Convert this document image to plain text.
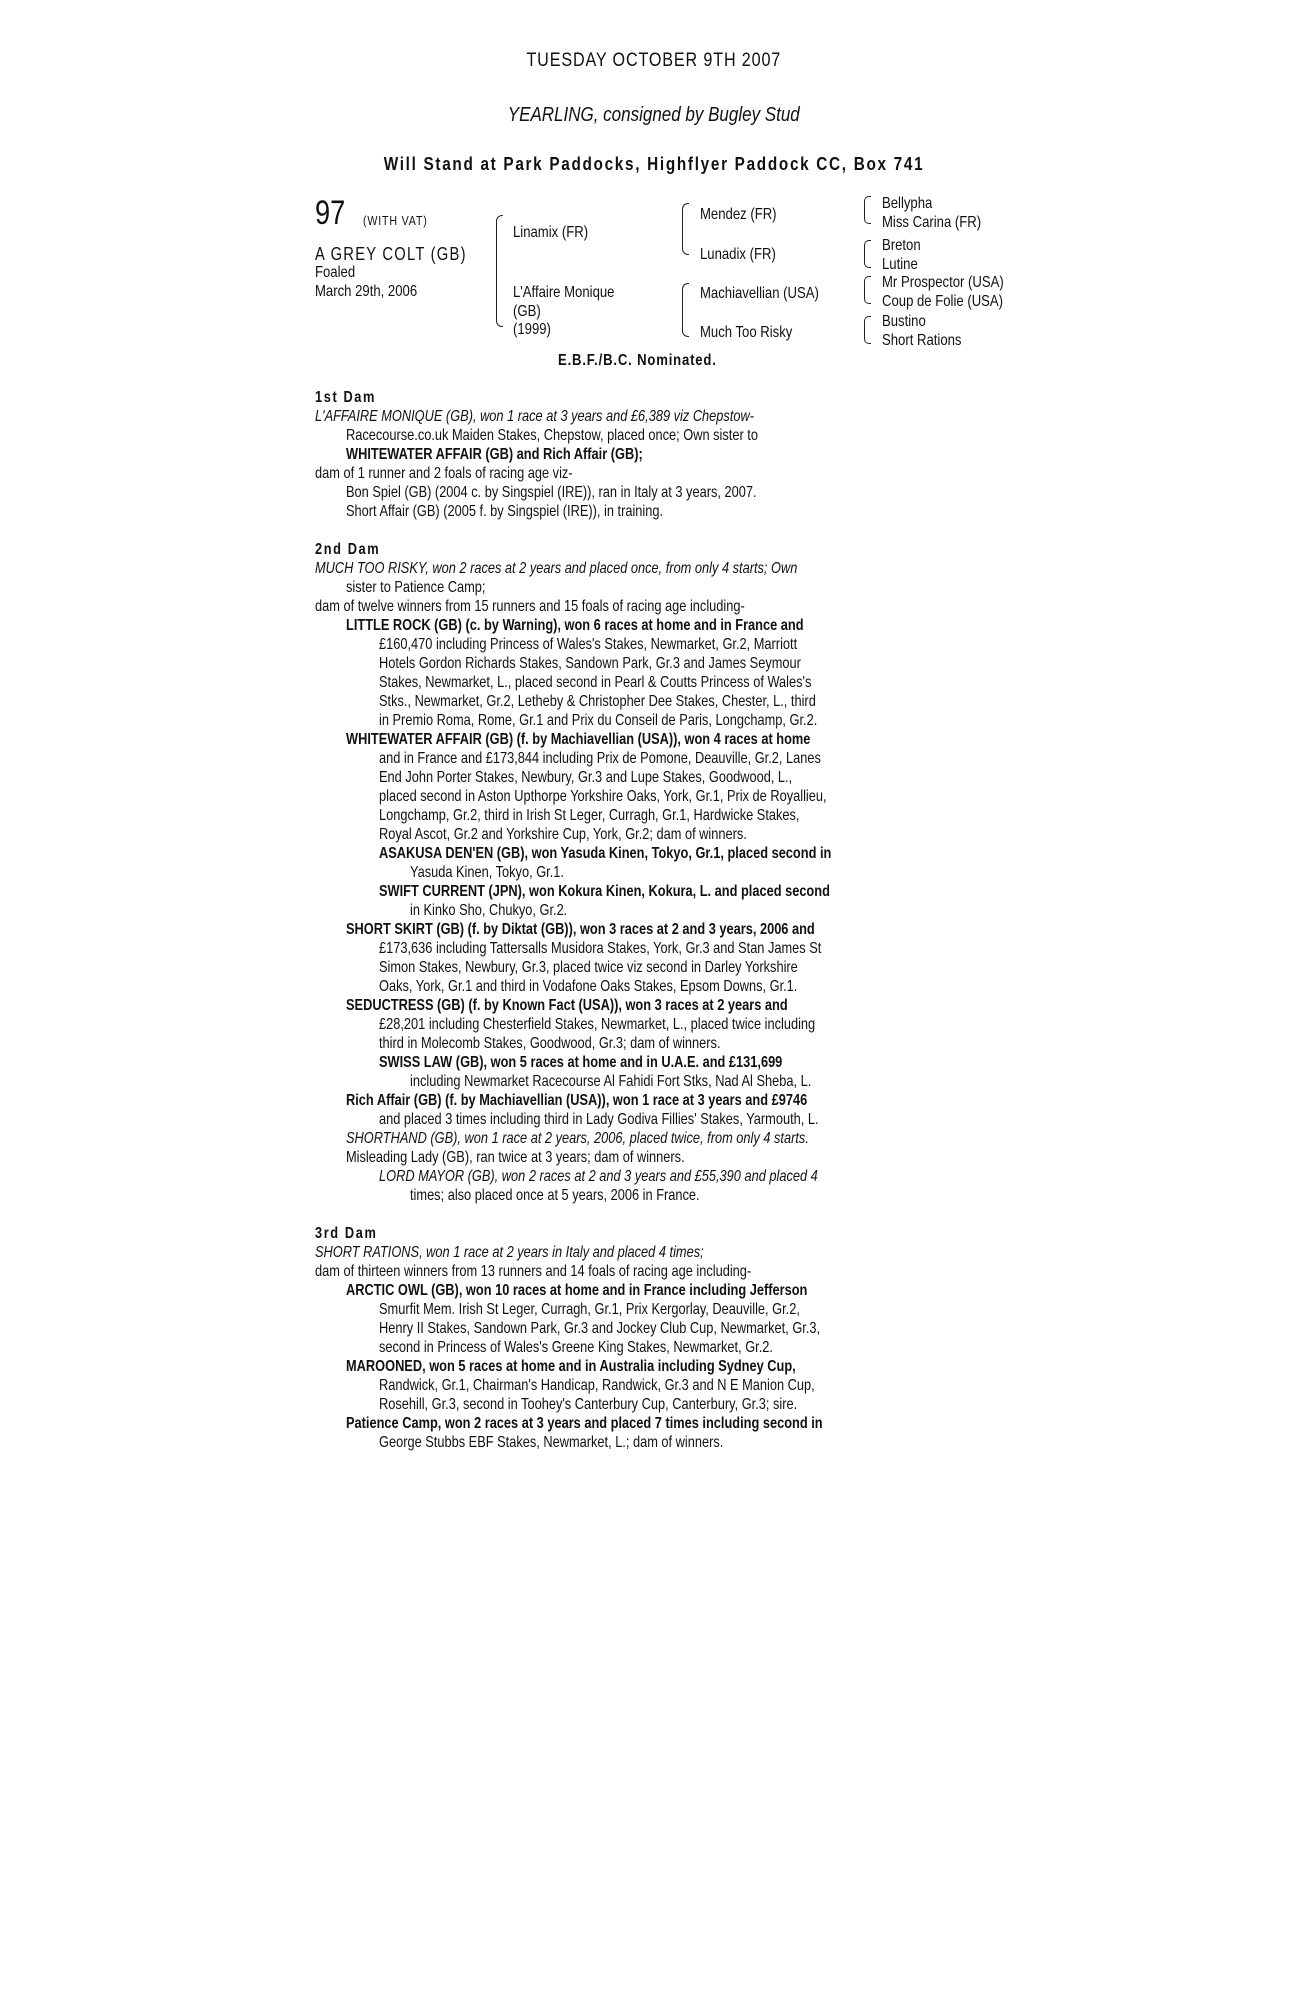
TUESDAY OCTOBER 9TH 2007
YEARLING, consigned by Bugley Stud
Will Stand at Park Paddocks, Highflyer Paddock CC, Box 741
97 (WITH VAT)
A GREY COLT (GB)
Foaled
March 29th, 2006
Linamix (FR)
L'Affaire Monique
(GB)
(1999)
Mendez (FR)
Lunadix (FR)
Machiavellian (USA)
Much Too Risky
Bellypha
Miss Carina (FR)
Breton
Lutine
Mr Prospector (USA)
Coup de Folie (USA)
Bustino
Short Rations
E.B.F./B.C. Nominated.
1st Dam
L'AFFAIRE MONIQUE (GB), won 1 race at 3 years and £6,389 viz Chepstow-
Racecourse.co.uk Maiden Stakes, Chepstow, placed once; Own sister to
WHITEWATER AFFAIR (GB) and Rich Affair (GB);
dam of 1 runner and 2 foals of racing age viz-
Bon Spiel (GB) (2004 c. by Singspiel (IRE)), ran in Italy at 3 years, 2007.
Short Affair (GB) (2005 f. by Singspiel (IRE)), in training.
2nd Dam
MUCH TOO RISKY, won 2 races at 2 years and placed once, from only 4 starts; Own
sister to Patience Camp;
dam of twelve winners from 15 runners and 15 foals of racing age including-
LITTLE ROCK (GB) (c. by Warning), won 6 races at home and in France and
£160,470 including Princess of Wales's Stakes, Newmarket, Gr.2, Marriott
Hotels Gordon Richards Stakes, Sandown Park, Gr.3 and James Seymour
Stakes, Newmarket, L., placed second in Pearl & Coutts Princess of Wales's
Stks., Newmarket, Gr.2, Letheby & Christopher Dee Stakes, Chester, L., third
in Premio Roma, Rome, Gr.1 and Prix du Conseil de Paris, Longchamp, Gr.2.
WHITEWATER AFFAIR (GB) (f. by Machiavellian (USA)), won 4 races at home
and in France and £173,844 including Prix de Pomone, Deauville, Gr.2, Lanes
End John Porter Stakes, Newbury, Gr.3 and Lupe Stakes, Goodwood, L.,
placed second in Aston Upthorpe Yorkshire Oaks, York, Gr.1, Prix de Royallieu,
Longchamp, Gr.2, third in Irish St Leger, Curragh, Gr.1, Hardwicke Stakes,
Royal Ascot, Gr.2 and Yorkshire Cup, York, Gr.2; dam of winners.
ASAKUSA DEN'EN (GB), won Yasuda Kinen, Tokyo, Gr.1, placed second in
Yasuda Kinen, Tokyo, Gr.1.
SWIFT CURRENT (JPN), won Kokura Kinen, Kokura, L. and placed second
in Kinko Sho, Chukyo, Gr.2.
SHORT SKIRT (GB) (f. by Diktat (GB)), won 3 races at 2 and 3 years, 2006 and
£173,636 including Tattersalls Musidora Stakes, York, Gr.3 and Stan James St
Simon Stakes, Newbury, Gr.3, placed twice viz second in Darley Yorkshire
Oaks, York, Gr.1 and third in Vodafone Oaks Stakes, Epsom Downs, Gr.1.
SEDUCTRESS (GB) (f. by Known Fact (USA)), won 3 races at 2 years and
£28,201 including Chesterfield Stakes, Newmarket, L., placed twice including
third in Molecomb Stakes, Goodwood, Gr.3; dam of winners.
SWISS LAW (GB), won 5 races at home and in U.A.E. and £131,699
including Newmarket Racecourse Al Fahidi Fort Stks, Nad Al Sheba, L.
Rich Affair (GB) (f. by Machiavellian (USA)), won 1 race at 3 years and £9746
and placed 3 times including third in Lady Godiva Fillies' Stakes, Yarmouth, L.
SHORTHAND (GB), won 1 race at 2 years, 2006, placed twice, from only 4 starts.
Misleading Lady (GB), ran twice at 3 years; dam of winners.
LORD MAYOR (GB), won 2 races at 2 and 3 years and £55,390 and placed 4
times; also placed once at 5 years, 2006 in France.
3rd Dam
SHORT RATIONS, won 1 race at 2 years in Italy and placed 4 times;
dam of thirteen winners from 13 runners and 14 foals of racing age including-
ARCTIC OWL (GB), won 10 races at home and in France including Jefferson
Smurfit Mem. Irish St Leger, Curragh, Gr.1, Prix Kergorlay, Deauville, Gr.2,
Henry II Stakes, Sandown Park, Gr.3 and Jockey Club Cup, Newmarket, Gr.3,
second in Princess of Wales's Greene King Stakes, Newmarket, Gr.2.
MAROONED, won 5 races at home and in Australia including Sydney Cup,
Randwick, Gr.1, Chairman's Handicap, Randwick, Gr.3 and N E Manion Cup,
Rosehill, Gr.3, second in Toohey's Canterbury Cup, Canterbury, Gr.3; sire.
Patience Camp, won 2 races at 3 years and placed 7 times including second in
George Stubbs EBF Stakes, Newmarket, L.; dam of winners.
